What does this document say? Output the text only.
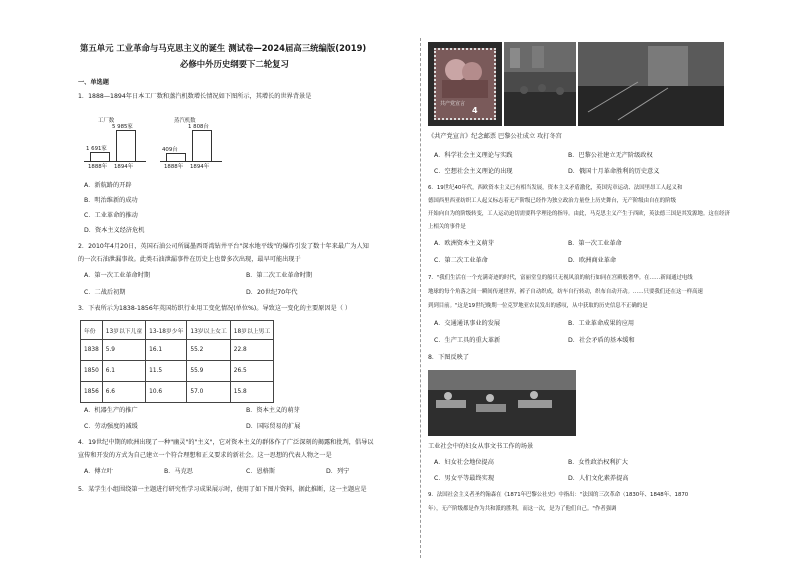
第五单元 工业革命与马克思主义的诞生 测试卷—2024届高三统编版(2019)
必修中外历史纲要下二轮复习
一、单选题
1．1888—1894年日本工厂数和蒸汽机数增长情况如下图所示，其增长的世界背景是
工厂数	蒸汽机数
1 691家
1888年
5 985家
1894年
409台
1888年
1 808台
1894年
A．新航路的开辟
B．明治维新的成功
C．工业革命的推动
D．资本主义经济危机
2．2010年4月20日，英国石油公司所属墨西哥湾钻井平台"深水地平线"的爆炸引发了数十年来最广为人知
的一次石油泄漏事故。此类石油泄漏事件在历史上也曾多次出现，最早可能出现于
A．第一次工业革命时期	B．第二次工业革命时期
C．二战后初期	D．20世纪70年代
3．下表所示为1838-1856年英国纺织行业用工变化情况(单位%)。导致这一变化的主要原因是（ ）
年份	13岁以下儿童	13-18岁少年	13岁以上女工	18岁以上男工
1838	5.9	16.1	55.2	22.8
1850	6.1	11.5	55.9	26.5
1856	6.6	10.6	57.0	15.8
A．机器生产的推广	B．资本主义的萌芽
C．劳动强度的减缓	D．国际贸易的扩展
4．19世纪中期的欧洲出现了一种"幽灵"的"主义"，它对资本主义的群体作了广泛深刻的揭露和批判，倡导以
宣传和开发的方式为自己建立一个符合理想和正义要求的新社会。这一思想的代表人物之一是
A．傅立叶	B．马克思	C．恩格斯	D．列宁
5．某学生小组围绕第一主题进行研究性学习成果展示时，使用了如下图片资料，据此推断，这一主题应是
共产党宣言
4
《共产党宣言》纪念邮票 巴黎公社成立 攻打冬宫
A．科学社会主义理论与实践	B．巴黎公社建立无产阶级政权
C．空想社会主义理论的出现	D．俄国十月革命胜利的历史意义
6．19世纪40年代，西欧资本主义已有相当发展，资本主义矛盾激化，英国宪章运动、法国里昂工人起义和
德国西里西亚纺织工人起义标志着无产阶级已经作为独立政治力量登上历史舞台，无产阶级由自在的阶级
开始向自为的阶级转变，工人运动迫切需要科学理论的指导。由此，马克思主义产生于西欧，英法德三国是其发源地。这在经济
上相关的事件是
A．欧洲资本主义萌芽	B．第一次工业革命
C．第二次工业革命	D．欧洲商业革命
7．"我们生活在一个充满奇迹的时代，富丽堂皇的船只无视风浪的航行如同在宫殿般奢华。在……新闻通过电线
地球的每个角落之间一瞬间传递世界，裤子自动织成，纺车自行转动，织布自动开动。……只要我们还在这一样高速
到到目前。"这是19世纪晚期一位克罗地亚农民发出的感叹，从中获取的历史信息不正确的是
A．交通通讯事业的发展	B．工业革命成果的应用
C．生产工具的重大革新	D．社会矛盾的基本缓和
8．下图反映了
工业社会中的妇女从事文书工作的场景
A．妇女社会地位提高	B．女性政治权利扩大
C．男女平等最终实现	D．人们文化素养提高
9．法国社会主义者圣约翰森在《1871年巴黎公社史》中指出："法国的三次革命（1830年、1848年、1870
年），无产阶级都是作为共和派的胜利，而这一次，是为了他们自己。"作者强调
